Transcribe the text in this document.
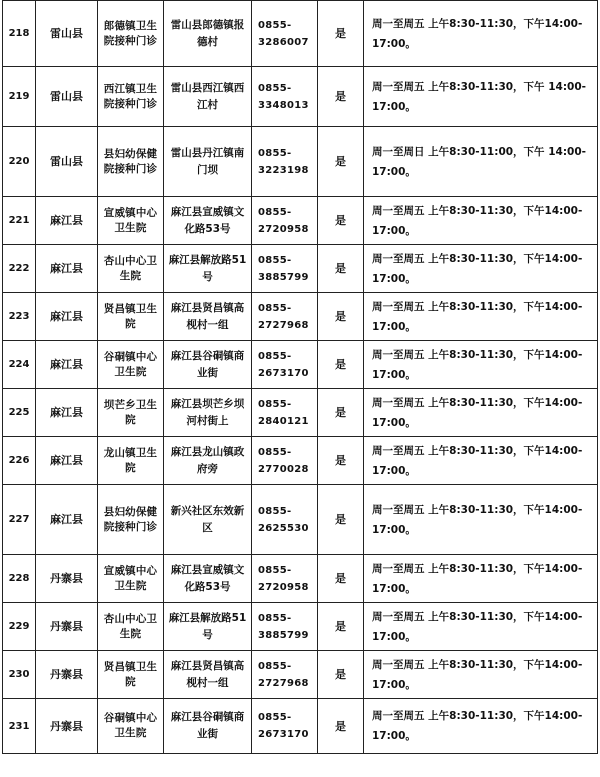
218	雷山县	郎德镇卫生院接种门诊	雷山县郎德镇报德村	0855-3286007	是	周一至周五 上午8:30-11:30，下午14:00-17:00。
219	雷山县	西江镇卫生院接种门诊	雷山县西江镇西江村	0855-3348013	是	周一至周五 上午8:30-11:30，下午 14:00-17:00。
220	雷山县	县妇幼保健院接种门诊	雷山县丹江镇南门坝	0855-3223198	是	周一至周日 上午8:30-11:00，下午 14:00-17:00。
221	麻江县	宣威镇中心卫生院	麻江县宣威镇文化路53号	0855-2720958	是	周一至周五 上午8:30-11:30，下午14:00-17:00。
222	麻江县	杏山中心卫生院	麻江县解放路51号	0855-3885799	是	周一至周五 上午8:30-11:30，下午14:00-17:00。
223	麻江县	贤昌镇卫生院	麻江县贤昌镇高枧村一组	0855-2727968	是	周一至周五 上午8:30-11:30，下午14:00-17:00。
224	麻江县	谷硐镇中心卫生院	麻江县谷硐镇商业街	0855-2673170	是	周一至周五 上午8:30-11:30，下午14:00-17:00。
225	麻江县	坝芒乡卫生院	麻江县坝芒乡坝河村街上	0855-2840121	是	周一至周五 上午8:30-11:30，下午14:00-17:00。
226	麻江县	龙山镇卫生院	麻江县龙山镇政府旁	0855-2770028	是	周一至周五 上午8:30-11:30，下午14:00-17:00。
227	麻江县	县妇幼保健院接种门诊	新兴社区东效新区	0855-2625530	是	周一至周五 上午8:30-11:30，下午14:00-17:00。
228	丹寨县	宣威镇中心卫生院	麻江县宣威镇文化路53号	0855-2720958	是	周一至周五 上午8:30-11:30，下午14:00-17:00。
229	丹寨县	杏山中心卫生院	麻江县解放路51号	0855-3885799	是	周一至周五 上午8:30-11:30，下午14:00-17:00。
230	丹寨县	贤昌镇卫生院	麻江县贤昌镇高枧村一组	0855-2727968	是	周一至周五 上午8:30-11:30，下午14:00-17:00。
231	丹寨县	谷硐镇中心卫生院	麻江县谷硐镇商业街	0855-2673170	是	周一至周五 上午8:30-11:30，下午14:00-17:00。
